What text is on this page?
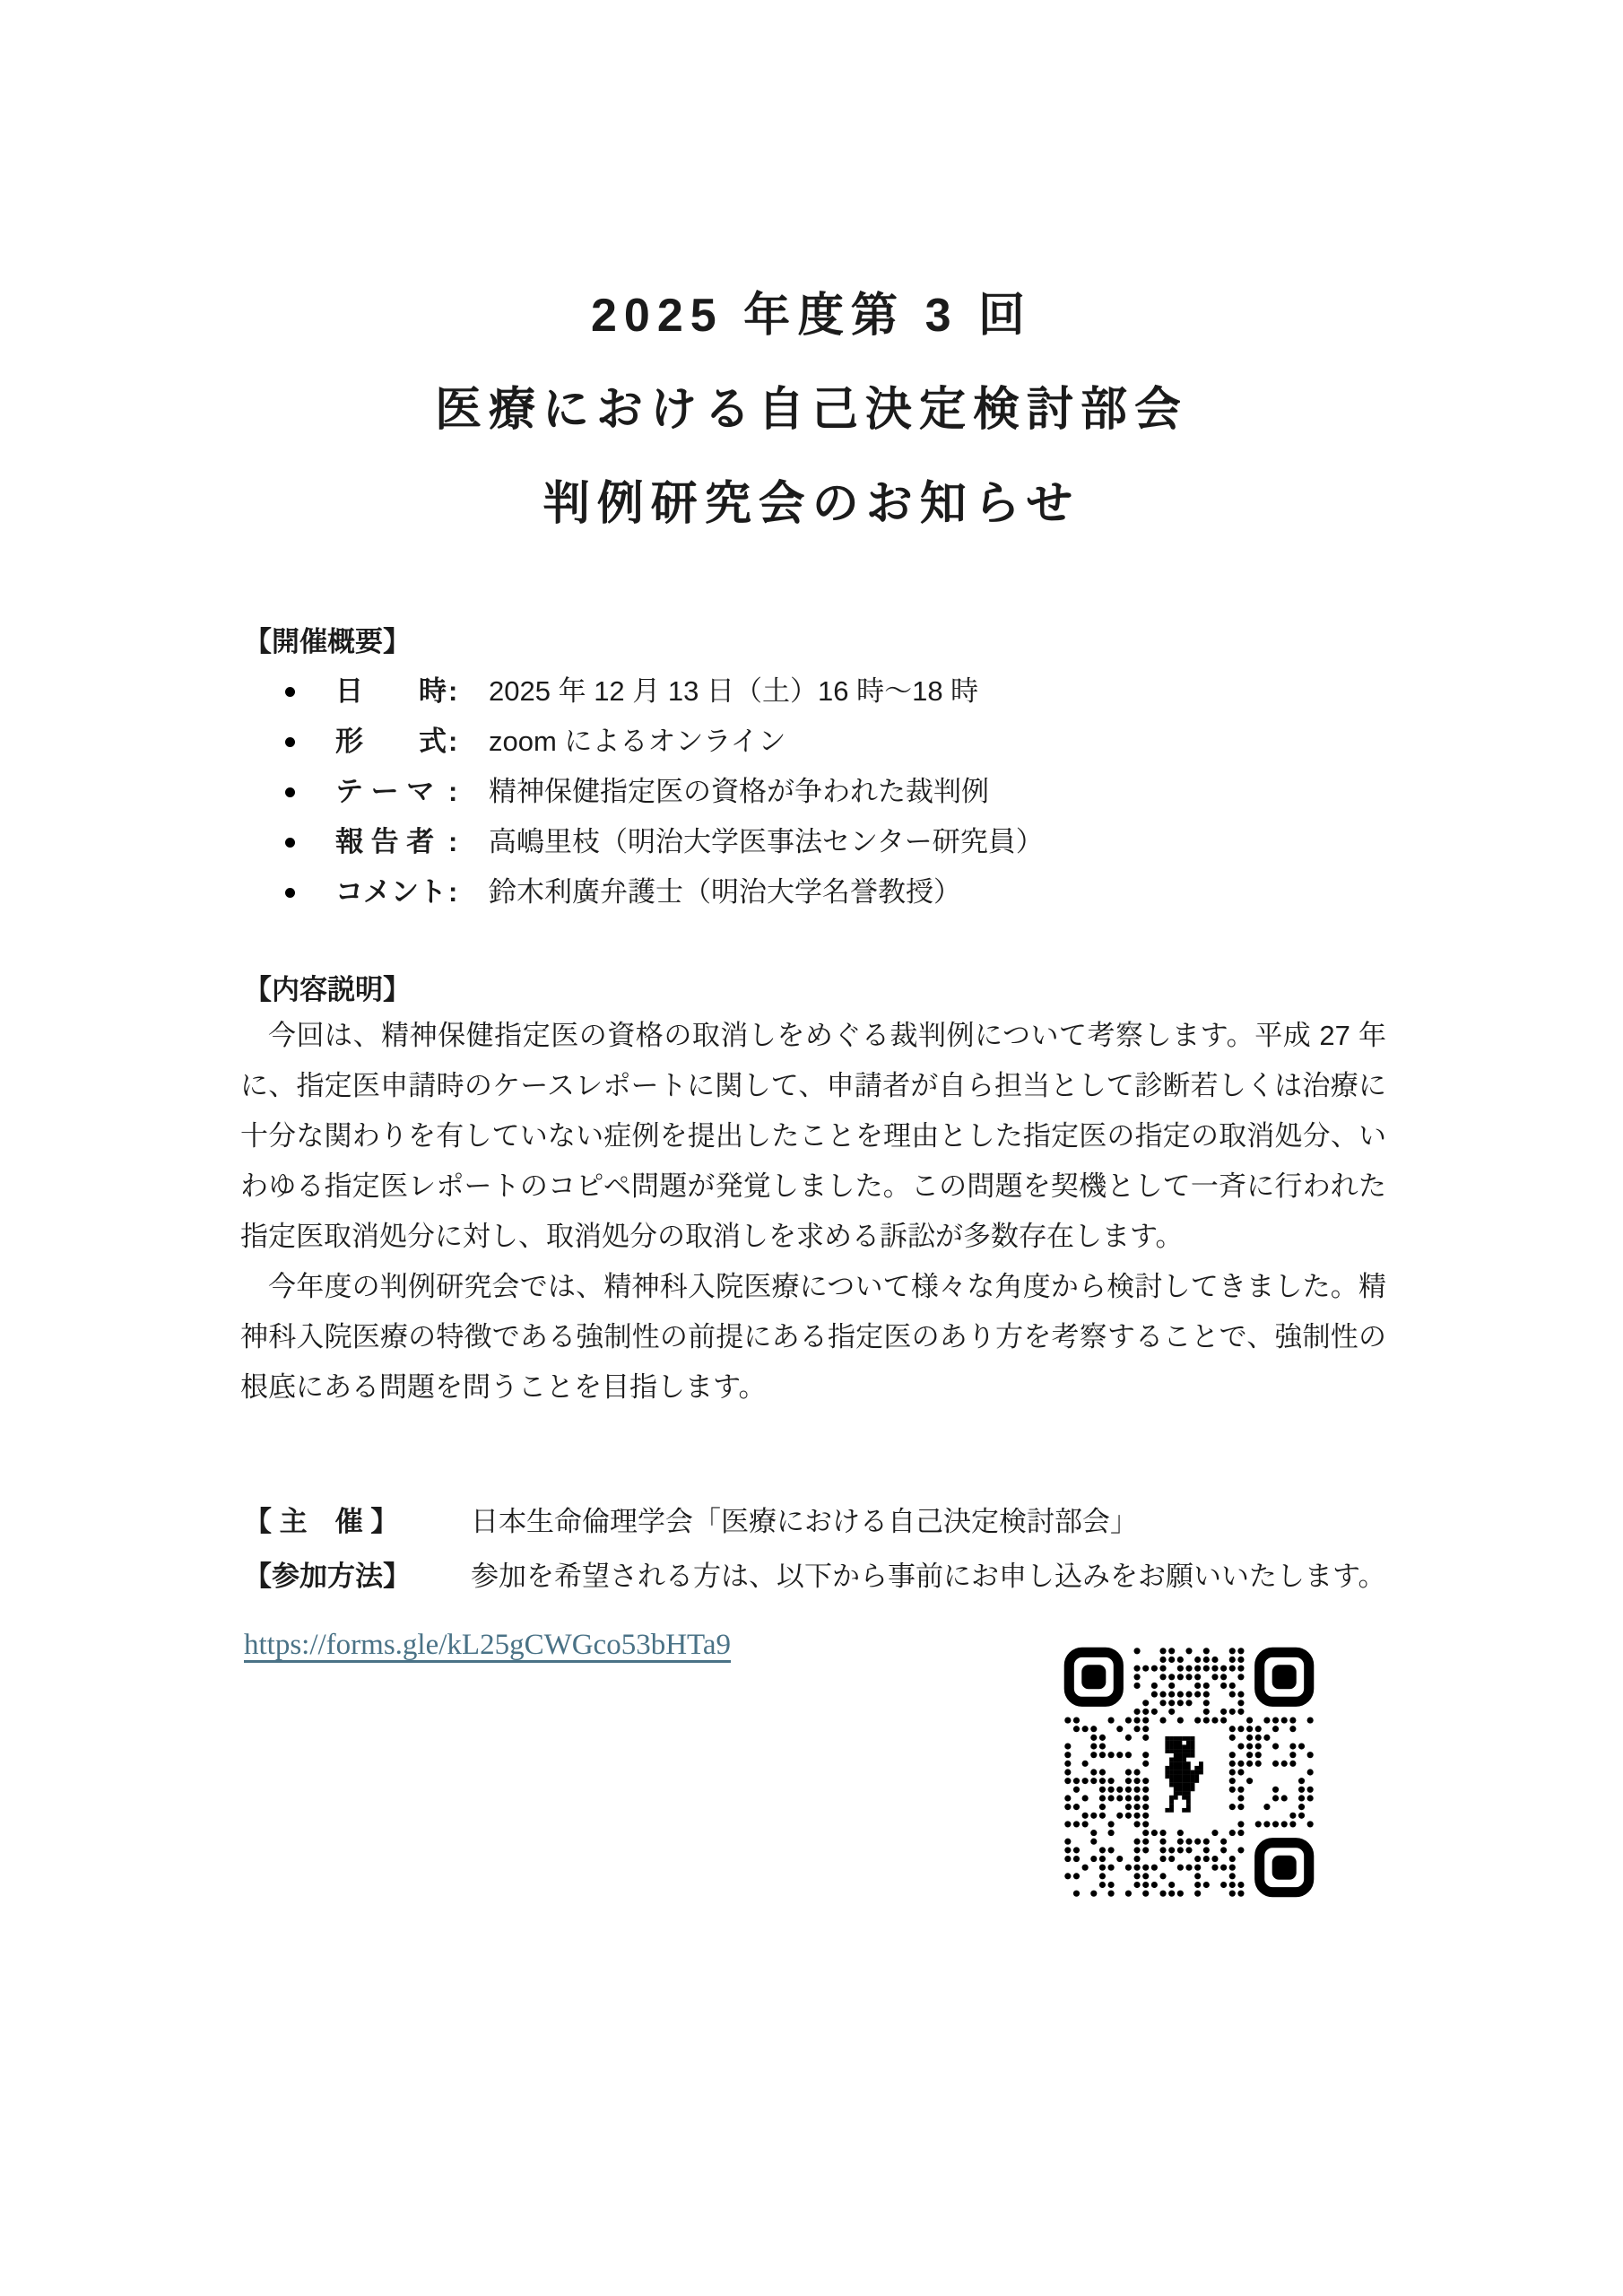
2025 年度第 3 回
医療における自己決定検討部会
判例研究会のお知らせ
【開催概要】
日　　時 :	2025 年 12 月 13 日（土）16 時～18 時
形　　式 :	zoom によるオンライン
テ ー マ :	精神保健指定医の資格が争われた裁判例
報 告 者 :	高嶋里枝（明治大学医事法センター研究員）
コメント :	鈴木利廣弁護士（明治大学名誉教授）
【内容説明】

今回は、精神保健指定医の資格の取消しをめぐる裁判例について考察します。平成 27 年に、指定医申請時のケースレポートに関して、申請者が自ら担当として診断若しくは治療に十分な関わりを有していない症例を提出したことを理由とした指定医の指定の取消処分、いわゆる指定医レポートのコピペ問題が発覚しました。この問題を契機として一斉に行われた指定医取消処分に対し、取消処分の取消しを求める訴訟が多数存在します。

今年度の判例研究会では、精神科入院医療について様々な角度から検討してきました。精神科入院医療の特徴である強制性の前提にある指定医のあり方を考察することで、強制性の根底にある問題を問うことを目指します。

【 主　催 】	日本生命倫理学会「医療における自己決定検討部会」
【参加方法】	参加を希望される方は、以下から事前にお申し込みをお願いいたします。
https://forms.gle/kL25gCWGco53bHTa9
